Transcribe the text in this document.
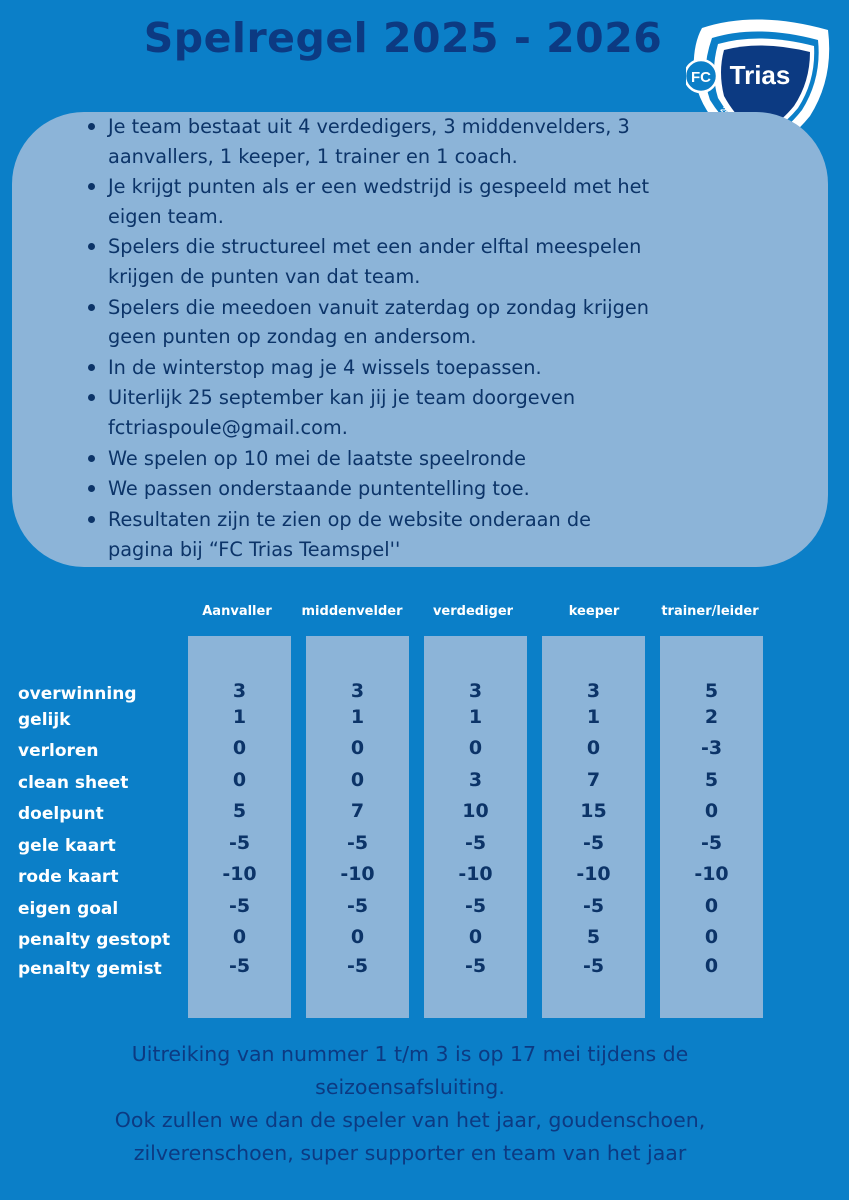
Spelregel 2025 - 2026
FC Trias
Je team bestaat uit 4 verdedigers, 3 middenvelders, 3
aanvallers, 1 keeper, 1 trainer en 1 coach.
Je krijgt punten als er een wedstrijd is gespeeld met het
eigen team.
Spelers die structureel met een ander elftal meespelen
krijgen de punten van dat team.
Spelers die meedoen vanuit zaterdag op zondag krijgen
geen punten op zondag en andersom.
In de winterstop mag je 4 wissels toepassen.
Uiterlijk 25 september kan jij je team doorgeven
fctriaspoule@gmail.com.
We spelen op 10 mei de laatste speelronde
We passen onderstaande puntentelling toe.
Resultaten zijn te zien op de website onderaan de
pagina bij “FC Trias Teamspel''
Aanvaller	middenvelder	verdediger	keeper	trainer/leider
overwinning	3	3	3	3	5
gelijk	1	1	1	1	2
verloren	0	0	0	0	-3
clean sheet	0	0	3	7	5
doelpunt	5	7	10	15	0
gele kaart	-5	-5	-5	-5	-5
rode kaart	-10	-10	-10	-10	-10
eigen goal	-5	-5	-5	-5	0
penalty gestopt	0	0	0	5	0
penalty gemist	-5	-5	-5	-5	0
Uitreiking van nummer 1 t/m 3 is op 17 mei tijdens de
seizoensafsluiting.
Ook zullen we dan de speler van het jaar, goudenschoen,
zilverenschoen, super supporter en team van het jaar
